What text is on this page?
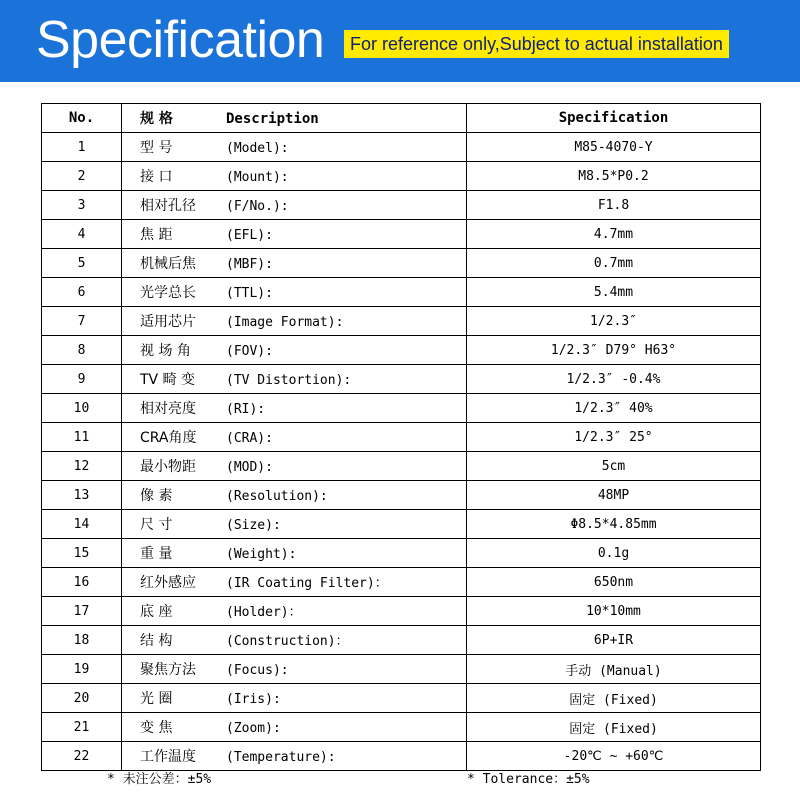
Specification	For reference only,Subject to actual installation
No.	规 格 Description	Specification
1	型 号 (Model):	M85-4070-Y
2	接 口 (Mount):	M8.5*P0.2
3	相对孔径 (F/No.):	F1.8
4	焦 距 (EFL):	4.7mm
5	机械后焦 (MBF):	0.7mm
6	光学总长 (TTL):	5.4mm
7	适用芯片 (Image Format):	1/2.3″
8	视 场 角 (FOV):	1/2.3″ D79° H63°
9	TV 畸 变 (TV Distortion):	1/2.3″ -0.4%
10	相对亮度 (RI):	1/2.3″ 40%
11	CRA角度 (CRA):	1/2.3″ 25°
12	最小物距 (MOD):	5cm
13	像 素 (Resolution):	48MP
14	尺 寸 (Size):	Φ8.5*4.85mm
15	重 量 (Weight):	0.1g
16	红外感应 (IR Coating Filter)：	650nm
17	底 座 (Holder)：	10*10mm
18	结 构 (Construction)：	6P+IR
19	聚焦方法 (Focus):	手动 (Manual)
20	光 圈 (Iris):	固定 (Fixed)
21	变 焦 (Zoom):	固定 (Fixed)
22	工作温度 (Temperature):	-20℃ ~ +60℃
* 未注公差：±5%	* Tolerance：±5%
